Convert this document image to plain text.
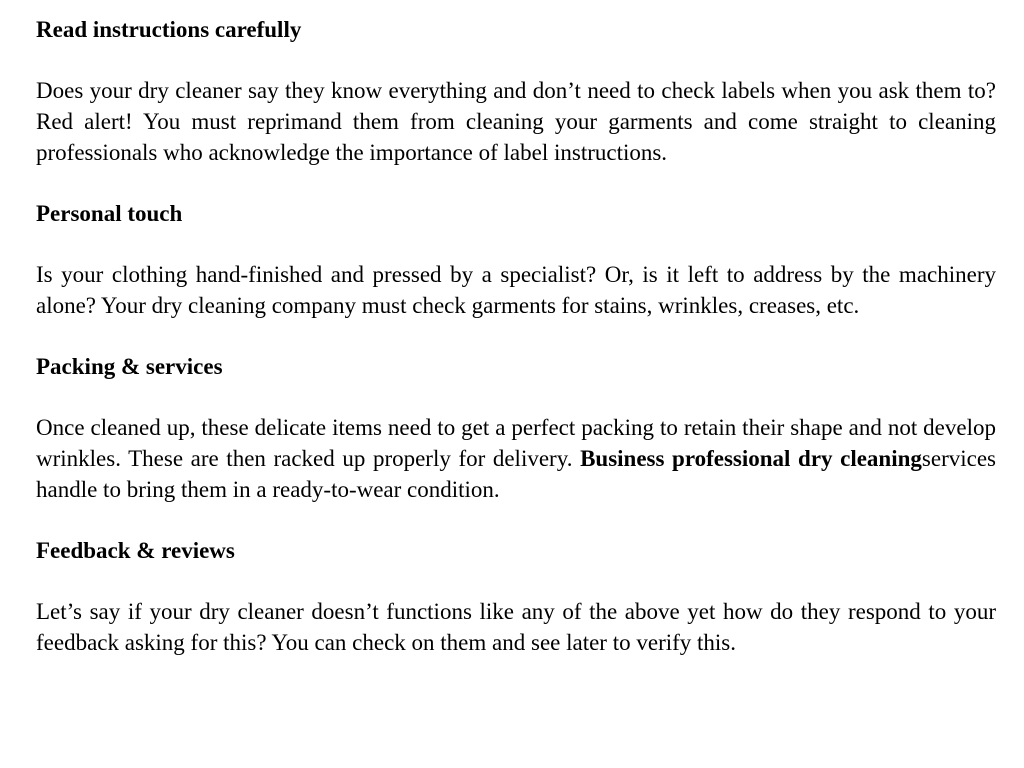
Read instructions carefully

Does your dry cleaner say they know everything and don’t need to check labels when you ask them to? Red alert! You must reprimand them from cleaning your garments and come straight to cleaning professionals who acknowledge the importance of label instructions.

Personal touch

Is your clothing hand-finished and pressed by a specialist? Or, is it left to address by the machinery alone? Your dry cleaning company must check garments for stains, wrinkles, creases, etc.

Packing & services

Once cleaned up, these delicate items need to get a perfect packing to retain their shape and not develop wrinkles. These are then racked up properly for delivery. Business professional dry cleaningservices handle to bring them in a ready-to-wear condition.

Feedback & reviews

Let’s say if your dry cleaner doesn’t functions like any of the above yet how do they respond to your feedback asking for this? You can check on them and see later to verify this.
